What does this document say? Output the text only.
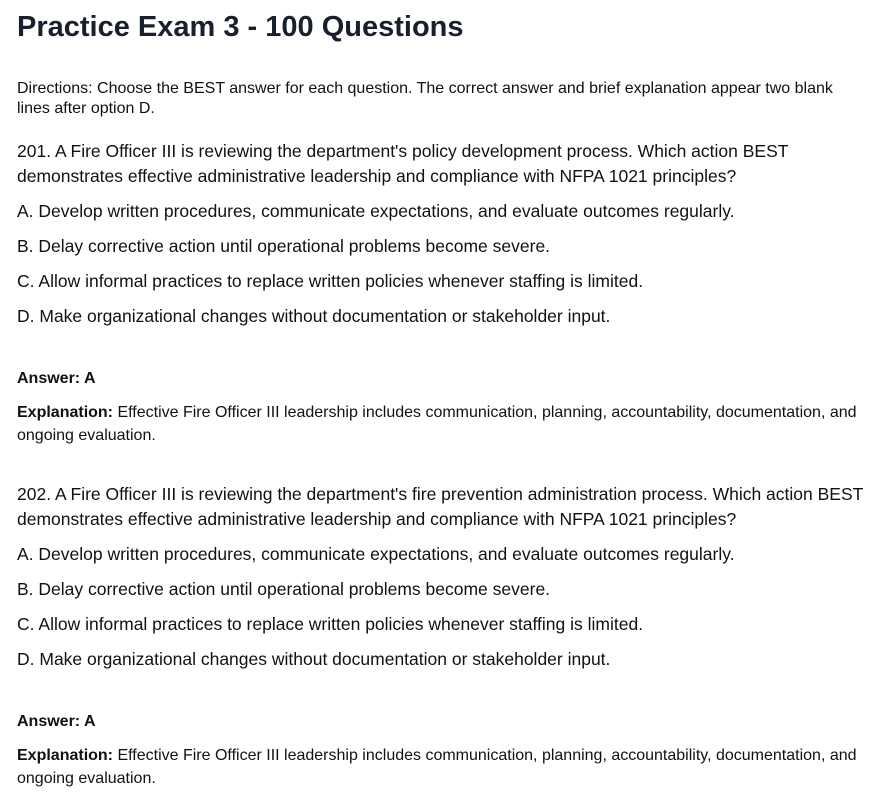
Practice Exam 3 - 100 Questions

Directions: Choose the BEST answer for each question. The correct answer and brief explanation appear two blank lines after option D.

201. A Fire Officer III is reviewing the department's policy development process. Which action BEST demonstrates effective administrative leadership and compliance with NFPA 1021 principles?

A. Develop written procedures, communicate expectations, and evaluate outcomes regularly.

B. Delay corrective action until operational problems become severe.

C. Allow informal practices to replace written policies whenever staffing is limited.

D. Make organizational changes without documentation or stakeholder input.

Answer: A

Explanation: Effective Fire Officer III leadership includes communication, planning, accountability, documentation, and ongoing evaluation.

202. A Fire Officer III is reviewing the department's fire prevention administration process. Which action BEST demonstrates effective administrative leadership and compliance with NFPA 1021 principles?

A. Develop written procedures, communicate expectations, and evaluate outcomes regularly.

B. Delay corrective action until operational problems become severe.

C. Allow informal practices to replace written policies whenever staffing is limited.

D. Make organizational changes without documentation or stakeholder input.

Answer: A

Explanation: Effective Fire Officer III leadership includes communication, planning, accountability, documentation, and ongoing evaluation.
